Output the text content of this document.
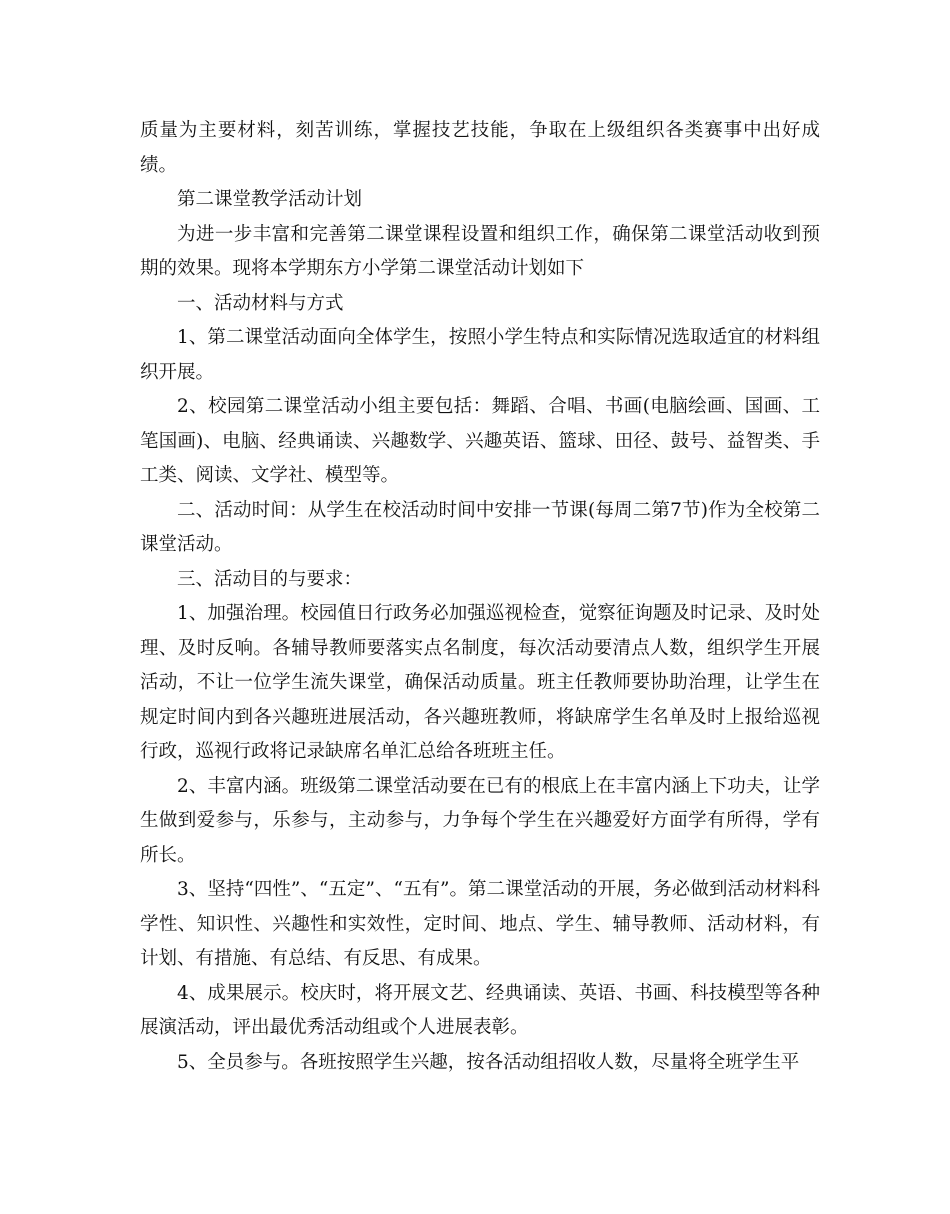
质量为主要材料，刻苦训练，掌握技艺技能，争取在上级组织各类赛事中出好成绩。

第二课堂教学活动计划

为进一步丰富和完善第二课堂课程设置和组织工作，确保第二课堂活动收到预期的效果。现将本学期东方小学第二课堂活动计划如下

一、活动材料与方式

1、第二课堂活动面向全体学生，按照小学生特点和实际情况选取适宜的材料组织开展。

2、校园第二课堂活动小组主要包括：舞蹈、合唱、书画(电脑绘画、国画、工笔国画)、电脑、经典诵读、兴趣数学、兴趣英语、篮球、田径、鼓号、益智类、手工类、阅读、文学社、模型等。

二、活动时间：从学生在校活动时间中安排一节课(每周二第7节)作为全校第二课堂活动。

三、活动目的与要求：

1、加强治理。校园值日行政务必加强巡视检查，觉察征询题及时记录、及时处理、及时反响。各辅导教师要落实点名制度，每次活动要清点人数，组织学生开展活动，不让一位学生流失课堂，确保活动质量。班主任教师要协助治理，让学生在规定时间内到各兴趣班进展活动，各兴趣班教师，将缺席学生名单及时上报给巡视行政，巡视行政将记录缺席名单汇总给各班班主任。

2、丰富内涵。班级第二课堂活动要在已有的根底上在丰富内涵上下功夫，让学生做到爱参与，乐参与，主动参与，力争每个学生在兴趣爱好方面学有所得，学有所长。

3、坚持“四性”、“五定”、“五有”。第二课堂活动的开展，务必做到活动材料科学性、知识性、兴趣性和实效性，定时间、地点、学生、辅导教师、活动材料，有计划、有措施、有总结、有反思、有成果。

4、成果展示。校庆时，将开展文艺、经典诵读、英语、书画、科技模型等各种展演活动，评出最优秀活动组或个人进展表彰。

5、全员参与。各班按照学生兴趣，按各活动组招收人数，尽量将全班学生平
